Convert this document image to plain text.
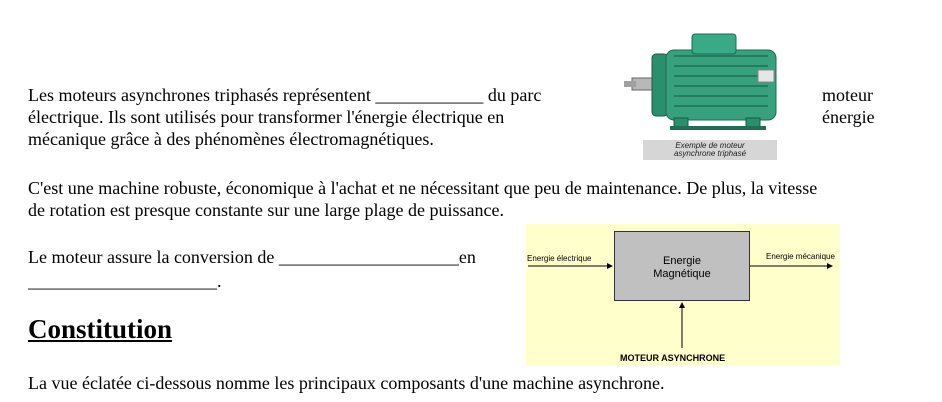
Les moteurs asynchrones triphasés représentent ____________ du parc	moteur
électrique. Ils sont utilisés pour transformer l'énergie électrique en	énergie
mécanique grâce à des phénomènes électromagnétiques.	Exemple de moteur
asynchrone triphasé
C'est une machine robuste, économique à l'achat et ne nécessitant que peu de maintenance. De plus, la vitesse
de rotation est presque constante sur une large plage de puissance.
Le moteur assure la conversion de ____________________en
_____________________.
Energie électrique	Energie mécanique
Energie
Magnétique
MOTEUR ASYNCHRONE
Constitution
La vue éclatée ci-dessous nomme les principaux composants d'une machine asynchrone.
